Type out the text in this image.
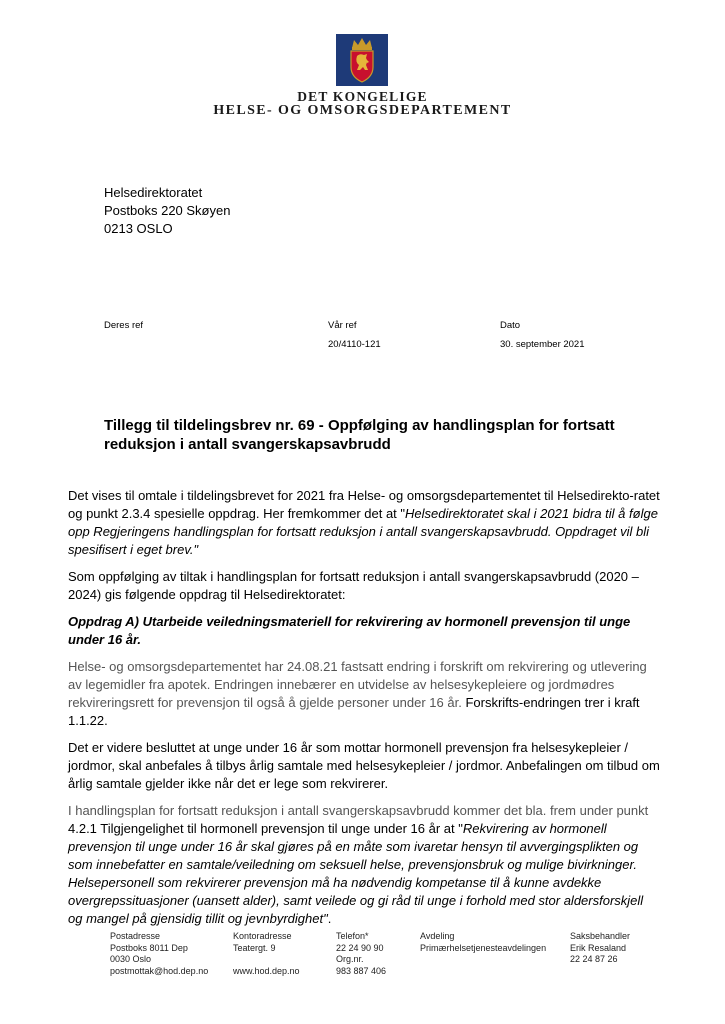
DET KONGELIGE
HELSE- OG OMSORGSDEPARTEMENT
Helsedirektoratet
Postboks 220 Skøyen
0213 OSLO
Deres ref	Vår ref
20/4110-121
Dato
30. september 2021
Tillegg til tildelingsbrev nr. 69 - Oppfølging av handlingsplan for fortsatt reduksjon i antall svangerskapsavbrudd

Det vises til omtale i tildelingsbrevet for 2021 fra Helse- og omsorgsdepartementet til Helsedirekto-ratet og punkt 2.3.4 spesielle oppdrag. Her fremkommer det at "Helsedirektoratet skal i 2021 bidra til å følge opp Regjeringens handlingsplan for fortsatt reduksjon i antall svangerskapsavbrudd. Oppdraget vil bli spesifisert i eget brev."

Som oppfølging av tiltak i handlingsplan for fortsatt reduksjon i antall svangerskapsavbrudd (2020 – 2024) gis følgende oppdrag til Helsedirektoratet:

Oppdrag A) Utarbeide veiledningsmateriell for rekvirering av hormonell prevensjon til unge under 16 år.

Helse- og omsorgsdepartementet har 24.08.21 fastsatt endring i forskrift om rekvirering og utlevering av legemidler fra apotek. Endringen innebærer en utvidelse av helsesykepleiere og jordmødres rekvireringsrett for prevensjon til også å gjelde personer under 16 år. Forskrifts-endringen trer i kraft 1.1.22.

Det er videre besluttet at unge under 16 år som mottar hormonell prevensjon fra helsesykepleier / jordmor, skal anbefales å tilbys årlig samtale med helsesykepleier / jordmor. Anbefalingen om tilbud om årlig samtale gjelder ikke når det er lege som rekvirerer.

I handlingsplan for fortsatt reduksjon i antall svangerskapsavbrudd kommer det bla. frem under punkt 4.2.1 Tilgjengelighet til hormonell prevensjon til unge under 16 år at "Rekvirering av hormonell prevensjon til unge under 16 år skal gjøres på en måte som ivaretar hensyn til avvergingsplikten og som innebefatter en samtale/veiledning om seksuell helse, prevensjonsbruk og mulige bivirkninger. Helsepersonell som rekvirerer prevensjon må ha nødvendig kompetanse til å kunne avdekke overgrepssituasjoner (uansett alder), samt veilede og gi råd til unge i forhold med stor aldersforskjell og mangel på gjensidig tillit og jevnbyrdighet".

Postadresse
Postboks 8011 Dep
0030 Oslo
postmottak@hod.dep.no
Kontoradresse
Teatergt. 9

www.hod.dep.no
Telefon*
22 24 90 90
Org.nr.
983 887 406
Avdeling
Primærhelsetjenesteavdelingen
Saksbehandler
Erik Resaland
22 24 87 26
